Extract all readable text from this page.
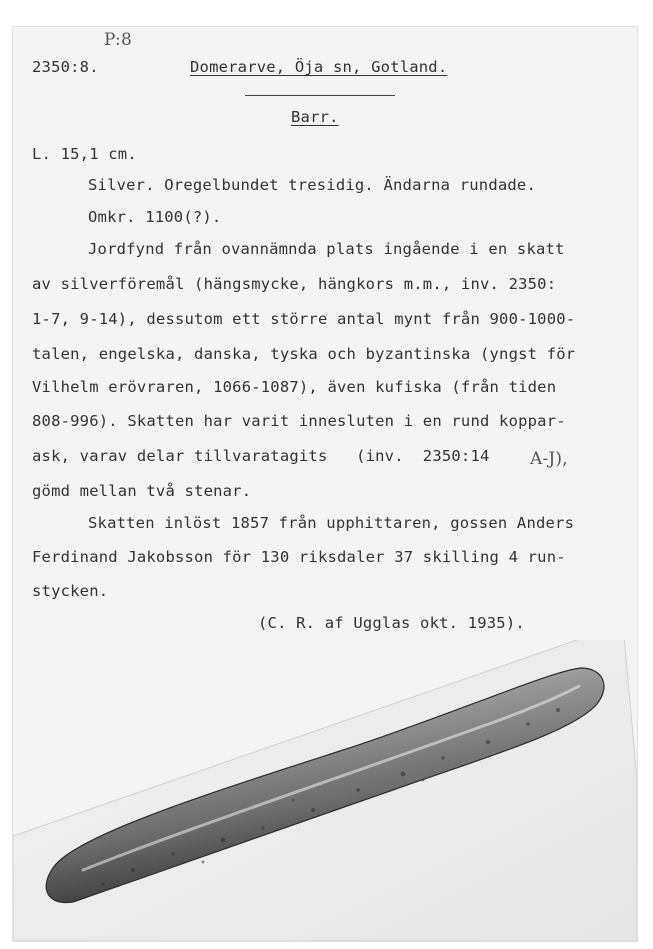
P:8
2350:8.	Domerarve, Öja sn, Gotland.
Barr.
L. 15,1 cm.
Silver. Oregelbundet tresidig. Ändarna rundade.
Omkr. 1100(?).
Jordfynd från ovannämnda plats ingående i en skatt
av silverföremål (hängsmycke, hängkors m.m., inv. 2350:
1-7, 9-14), dessutom ett större antal mynt från 900-1000-
talen, engelska, danska, tyska och byzantinska (yngst för
Vilhelm erövraren, 1066-1087), även kufiska (från tiden
808-996). Skatten har varit innesluten i en rund koppar-
ask, varav delar tillvaratagits   (inv.  2350:14 A-J),
gömd mellan två stenar.
Skatten inlöst 1857 från upphittaren, gossen Anders
Ferdinand Jakobsson för 130 riksdaler 37 skilling 4 run-
stycken.
(C. R. af Ugglas okt. 1935).
